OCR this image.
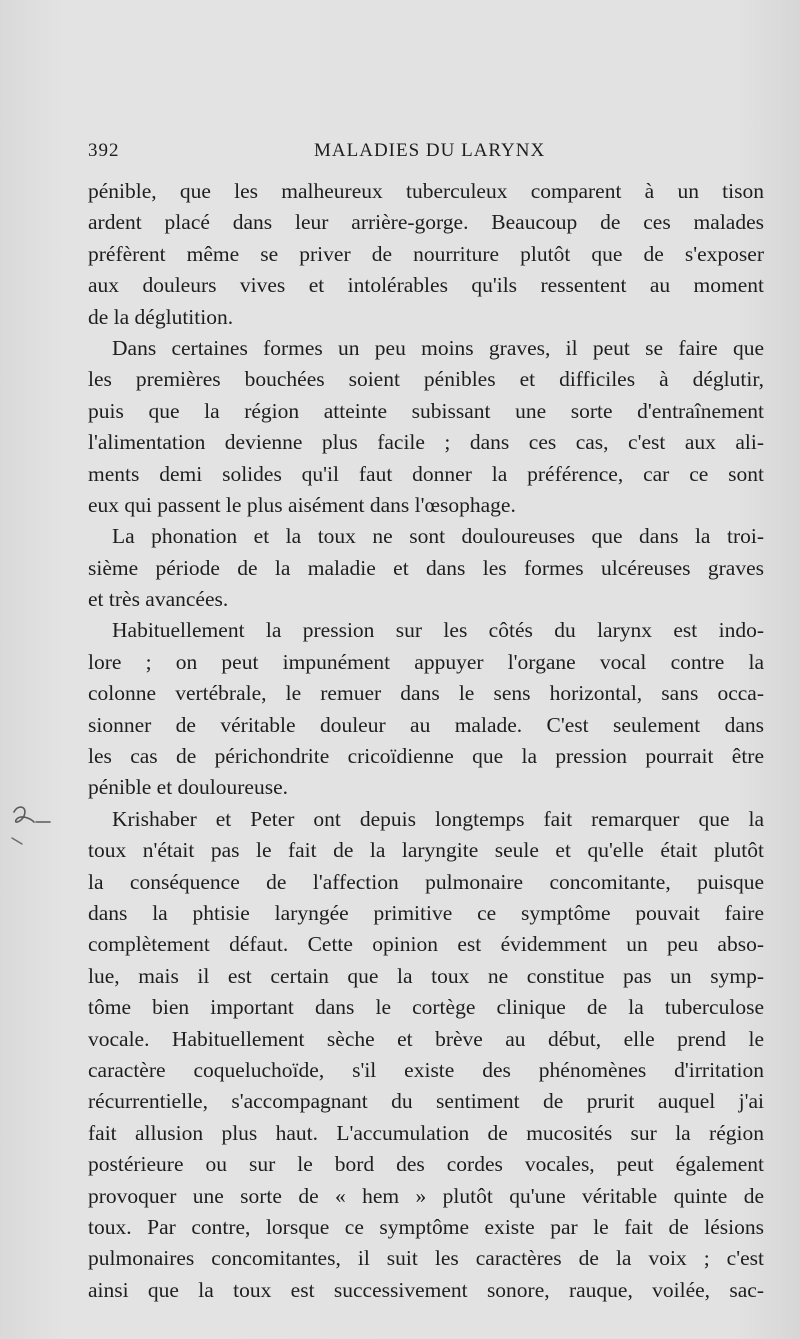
392	MALADIES DU LARYNX

pénible, que les malheureux tuberculeux comparent à un tison
ardent placé dans leur arrière-gorge. Beaucoup de ces malades
préfèrent même se priver de nourriture plutôt que de s'exposer
aux douleurs vives et intolérables qu'ils ressentent au moment
de la déglutition.

Dans certaines formes un peu moins graves, il peut se faire que
les premières bouchées soient pénibles et difficiles à déglutir,
puis que la région atteinte subissant une sorte d'entraînement
l'alimentation devienne plus facile ; dans ces cas, c'est aux ali-
ments demi solides qu'il faut donner la préférence, car ce sont
eux qui passent le plus aisément dans l'œsophage.

La phonation et la toux ne sont douloureuses que dans la troi-
sième période de la maladie et dans les formes ulcéreuses graves
et très avancées.

Habituellement la pression sur les côtés du larynx est indo-
lore ; on peut impunément appuyer l'organe vocal contre la
colonne vertébrale, le remuer dans le sens horizontal, sans occa-
sionner de véritable douleur au malade. C'est seulement dans
les cas de périchondrite cricoïdienne que la pression pourrait être
pénible et douloureuse.

Krishaber et Peter ont depuis longtemps fait remarquer que la
toux n'était pas le fait de la laryngite seule et qu'elle était plutôt
la conséquence de l'affection pulmonaire concomitante, puisque
dans la phtisie laryngée primitive ce symptôme pouvait faire
complètement défaut. Cette opinion est évidemment un peu abso-
lue, mais il est certain que la toux ne constitue pas un symp-
tôme bien important dans le cortège clinique de la tuberculose
vocale. Habituellement sèche et brève au début, elle prend le
caractère coqueluchoïde, s'il existe des phénomènes d'irritation
récurrentielle, s'accompagnant du sentiment de prurit auquel j'ai
fait allusion plus haut. L'accumulation de mucosités sur la région
postérieure ou sur le bord des cordes vocales, peut également
provoquer une sorte de « hem » plutôt qu'une véritable quinte de
toux. Par contre, lorsque ce symptôme existe par le fait de lésions
pulmonaires concomitantes, il suit les caractères de la voix ; c'est
ainsi que la toux est successivement sonore, rauque, voilée, sac-
